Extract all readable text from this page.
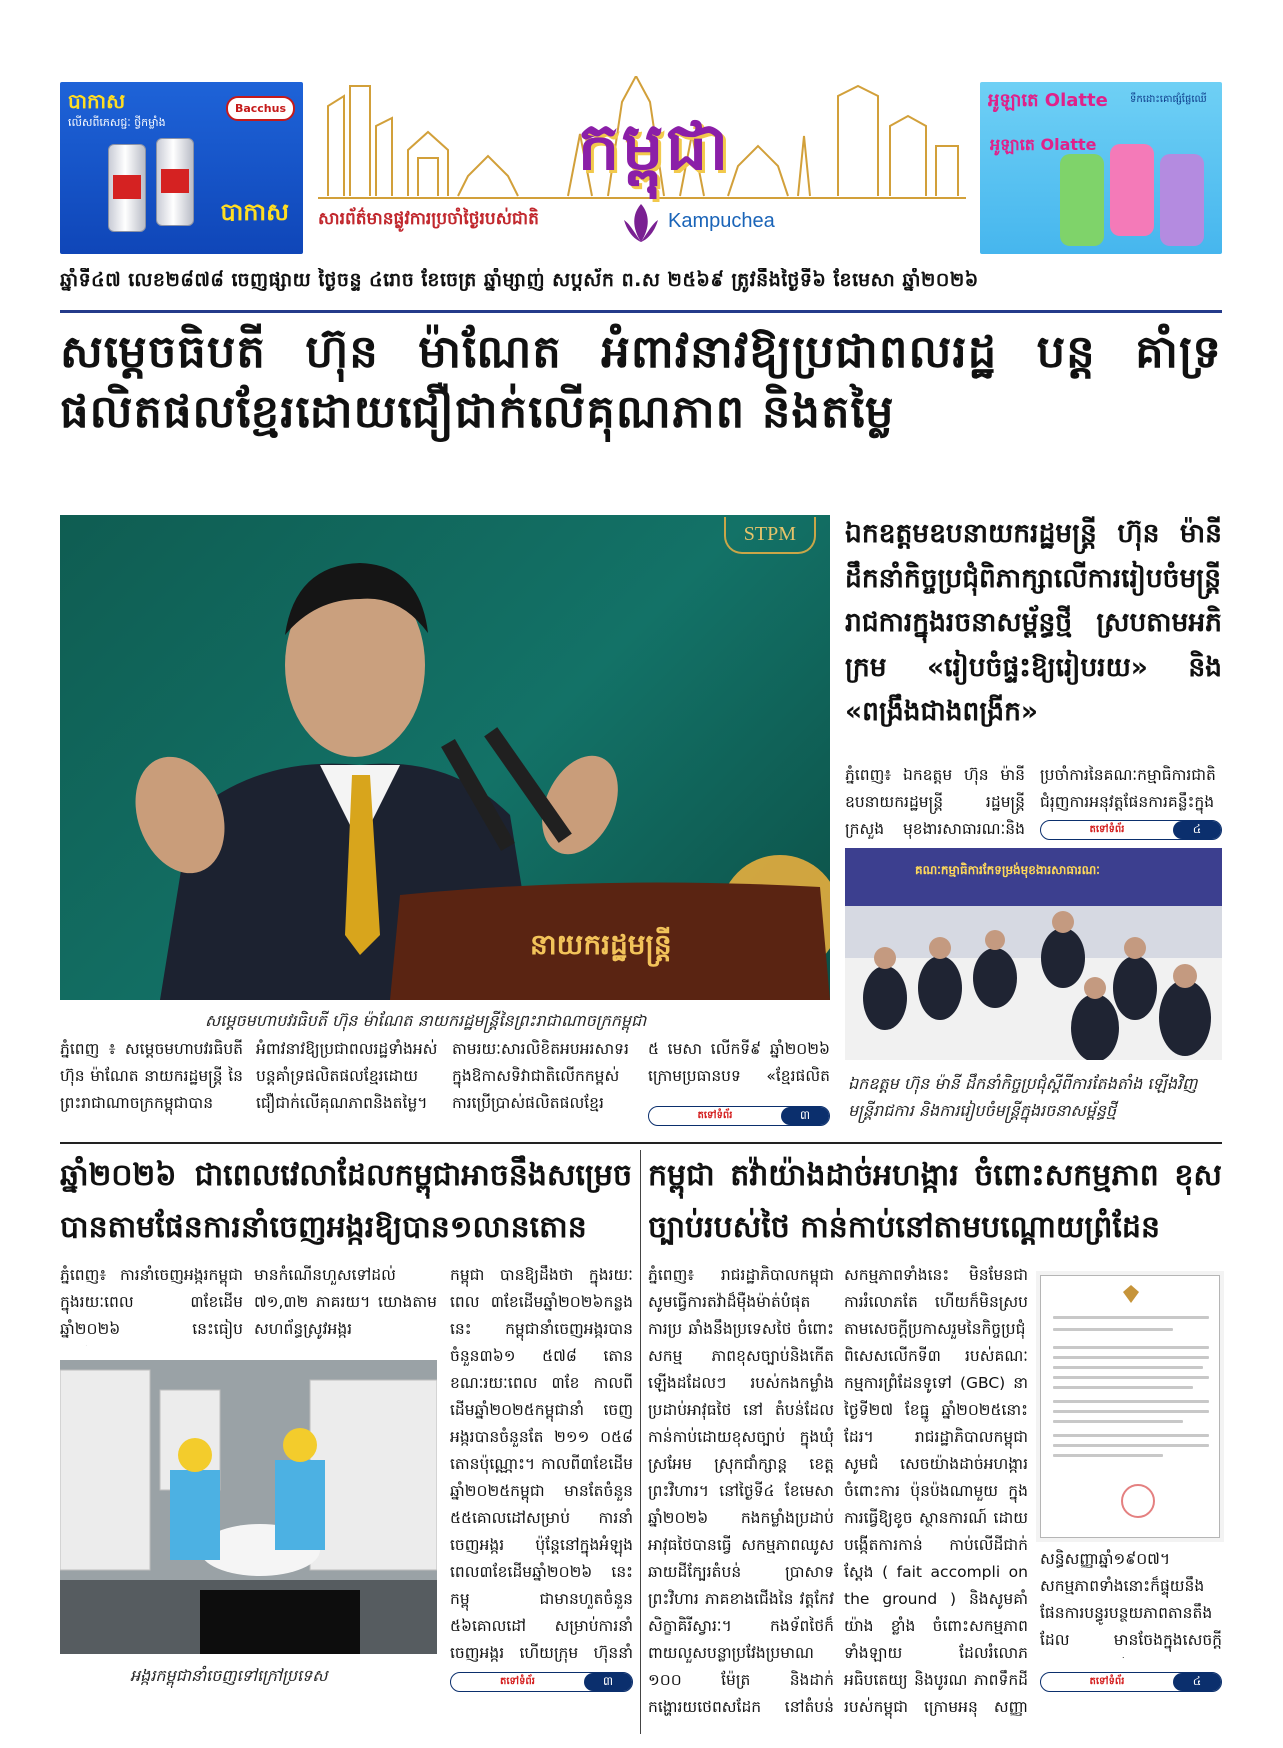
បាកាស
លើសពីភេសជ្ជៈ ថ្វីកម្លាំង
Bacchus
បាកាស
កម្ពុជា
សារព័ត៌មានផ្លូវការប្រចាំថ្ងៃរបស់ជាតិ	Kampuchea
អូឡាតេ Olatte ទឹកដោះគោផ្សំផ្លែឈើ
អូឡាតេ Olatte
ឆ្នាំទី៤៧ លេខ២៨៧៨ ចេញផ្សាយ ថ្ងៃចន្ទ ៤រោច ខែចេត្រ ឆ្នាំម្សាញ់ សប្តស័ក ព.ស ២៥៦៩ ត្រូវនឹងថ្ងៃទី៦ ខែមេសា ឆ្នាំ២០២៦
សម្តេចធិបតី ហ៊ុន ម៉ាណែត អំពាវនាវឱ្យប្រជាពលរដ្ឋ បន្ត គាំទ្រផលិតផលខ្មែរដោយជឿជាក់លើគុណភាព និងតម្លៃ
STPM
នាយករដ្ឋមន្ត្រី
សម្តេចមហាបវរធិបតី ហ៊ុន ម៉ាណែត នាយករដ្ឋមន្ត្រីនៃព្រះរាជាណាចក្រកម្ពុជា

ភ្នំពេញ ៖ សម្តេចមហាបវរធិបតី ហ៊ុន ម៉ាណែត នាយករដ្ឋមន្ត្រី នៃព្រះរាជាណាចក្រកម្ពុជាបាន

អំពាវនាវឱ្យប្រជាពលរដ្ឋទាំងអស់ បន្តគាំទ្រផលិតផលខ្មែរដោយ ជឿជាក់លើគុណភាពនិងតម្លៃ។

តាមរយៈសារលិខិតអបអរសាទរ ក្នុងឱកាសទិវាជាតិលើកកម្ពស់ការប្រើប្រាស់ផលិតផលខ្មែរ

៥ មេសា លើកទី៩ ឆ្នាំ២០២៦ ក្រោមប្រធានបទ «ខ្មែរផលិត

តទៅទំព័រ	៣
ឯកឧត្តមឧបនាយករដ្ឋមន្ត្រី ហ៊ុន ម៉ានី ដឹកនាំកិច្ចប្រជុំពិភាក្សាលើការរៀបចំមន្ត្រីរាជការក្នុងរចនាសម្ព័ន្ធថ្មី ស្របតាមអភិក្រម «រៀបចំផ្ទះឱ្យរៀបរយ» និង «ពង្រឹងជាងពង្រីក»

ភ្នំពេញ៖ ឯកឧត្តម ហ៊ុន ម៉ានី ឧបនាយករដ្ឋមន្ត្រី រដ្ឋមន្ត្រីក្រសួង មុខងារសាធារណៈនិង

ប្រចាំការនៃគណៈកម្មាធិការជាតិ ជំរុញការអនុវត្តផែនការគន្លឹះក្នុង

តទៅទំព័រ	៤
គណៈកម្មាធិការកែទម្រង់មុខងារសាធារណៈ
ឯកឧត្តម ហ៊ុន ម៉ានី ដឹកនាំកិច្ចប្រជុំស្តីពីការតែងតាំង ឡើងវិញមន្ត្រីរាជការ និងការរៀបចំមន្ត្រីក្នុងរចនាសម្ព័ន្ធថ្មី
ឆ្នាំ២០២៦ ជាពេលវេលាដែលកម្ពុជាអាចនឹងសម្រេច បានតាមផែនការនាំចេញអង្ករឱ្យបាន១លានតោន

ភ្នំពេញ៖ ការនាំចេញអង្ករកម្ពុជា ក្នុងរយៈពេល ៣ខែដើមឆ្នាំ២០២៦ នេះធៀប

មានកំណើនហួសទៅដល់ ៧១,៣២ ភាគរយ។ យោងតាមសហព័ន្ធស្រូវអង្ករ

កម្ពុជា បានឱ្យដឹងថា ក្នុងរយៈពេល ៣ខែដើមឆ្នាំ២០២៦កន្លងនេះ កម្ពុជានាំចេញអង្ករបានចំនួន៣៦១ ៥៧៨ តោន ខណៈរយៈពេល ៣ខែ កាលពីដើមឆ្នាំ២០២៥កម្ពុជានាំ ចេញអង្ករបានចំនួនតែ ២១១ ០៥៨ តោនប៉ុណ្ណោះ។ កាលពី៣ខែដើមឆ្នាំ២០២៥កម្ពុជា មានតែចំនួន ៥៥គោលដៅសម្រាប់ ការនាំចេញអង្ករ ប៉ុន្តែនៅក្នុងអំឡុង ពេល៣ខែដើមឆ្នាំ២០២៦ នេះកម្ពុ ជាមានហួតចំនួន ៥៦គោលដៅ សម្រាប់ការនាំចេញអង្ករ ហើយក្រុម ហ៊ុននាំ

អង្ករកម្ពុជានាំចេញទៅក្រៅប្រទេស	តទៅទំព័រ	៣
កម្ពុជា តវ៉ាយ៉ាងដាច់អហង្ការ ចំពោះសកម្មភាព ខុសច្បាប់របស់ថៃ កាន់កាប់នៅតាមបណ្តោយព្រំដែន

ភ្នំពេញ៖ រាជរដ្ឋាភិបាលកម្ពុជា សូមធ្វើការតវ៉ាដ៏ម៉ឺងម៉ាត់បំផុតការប្រ ឆាំងនឹងប្រទេសថៃ ចំពោះសកម្ម ភាពខុសច្បាប់និងកើតឡើងដដែលៗ របស់កងកម្លាំងប្រដាប់អាវុធថៃ នៅ តំបន់ដែលកាន់កាប់ដោយខុសច្បាប់ ក្នុងឃុំស្រអែម ស្រុកជាំក្សាន្ត ខេត្ត ព្រះវិហារ។ នៅថ្ងៃទី៤ ខែមេសា ឆ្នាំ២០២៦ កងកម្លាំងប្រដាប់អាវុធថៃបានធ្វើ សកម្មភាពឈូសឆាយដីក្បែរតំបន់ ប្រាសាទព្រះវិហារ ភាគខាងជើងនៃ វត្តកែវសិក្ខាគិរីស្វារៈ។ កងទ័ពថៃក៏ ពាយលួសបន្លាប្រវែងប្រមាណ ១០០ ម៉ែត្រ និងដាក់កង្ហោរយថេពសដែក នៅតំបន់

សកម្មភាពទាំងនេះ មិនមែនជា ការរំលោភតែ ហើយក៏មិនស្រប តាមសេចក្តីប្រកាសរួមនៃកិច្ចប្រជុំ ពិសេសលើកទី៣ របស់គណៈ កម្មការព្រំដែនទូទៅ (GBC) នា ថ្ងៃទី២៧ ខែធ្នូ ឆ្នាំ២០២៥នោះដែរ។ រាជរដ្ឋាភិបាលកម្ពុជា សូមជំ សេចយ៉ាងដាច់អហង្ការចំពោះការ ប៉ុនប៉ងណាមួយ ក្នុងការធ្វើឱ្យខូច ស្ថានការណ៍ ដោយបង្កើតការកាន់ កាប់លើដីជាក់ស្តែង ( fait accompli on the ground ) និងសូមគាំយ៉ាង ខ្លាំង ចំពោះសកម្មភាពទាំងឡាយ ដែលរំលោភអធិបតេយ្យ និងបូរណ ភាពទឹកដីរបស់កម្ពុជា ក្រោមអនុ សញ្ញា

សន្ធិសញ្ញាឆ្នាំ១៩០៧។ សកម្មភាពទាំងនោះក៏ផ្ទុយនឹង ផែនការបន្ធូរបន្ថយភាពតានតឹង ដែល មានចែងក្នុងសេចក្តី

តទៅទំព័រ	៤
